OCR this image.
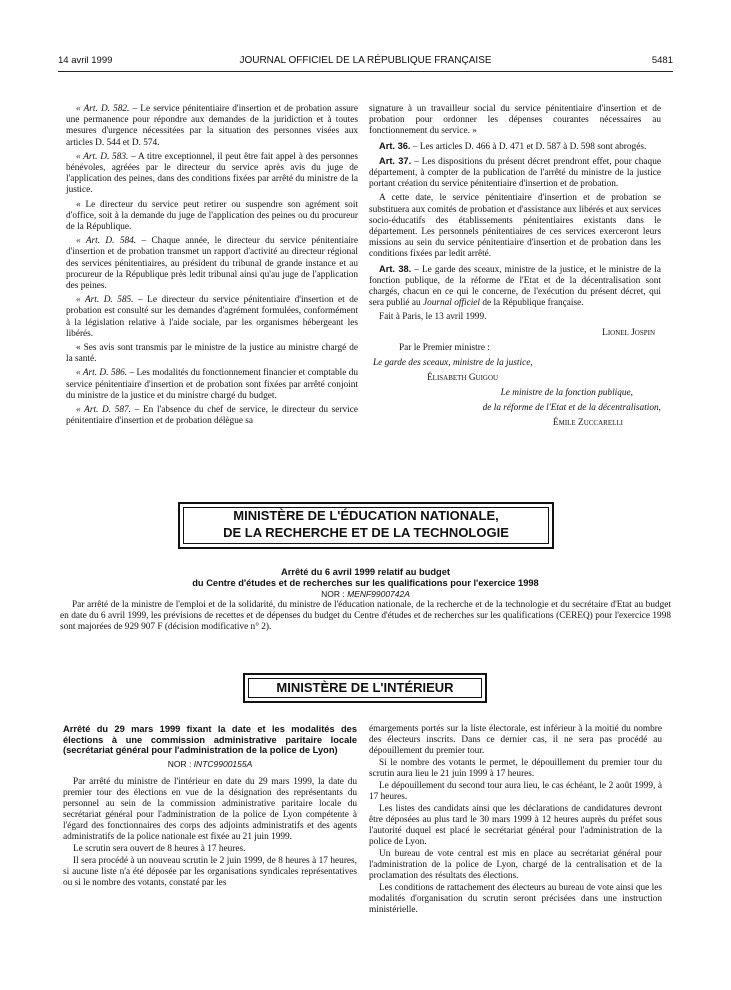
14 avril 1999	JOURNAL OFFICIEL DE LA RÉPUBLIQUE FRANÇAISE	5481

« Art. D. 582. – Le service pénitentiaire d'insertion et de probation assure une permanence pour répondre aux demandes de la juridiction et à toutes mesures d'urgence nécessitées par la situation des personnes visées aux articles D. 544 et D. 574.

« Art. D. 583. – A titre exceptionnel, il peut être fait appel à des personnes bénévoles, agréées par le directeur du service après avis du juge de l'application des peines, dans des conditions fixées par arrêté du ministre de la justice.

« Le directeur du service peut retirer ou suspendre son agrément soit d'office, soit à la demande du juge de l'application des peines ou du procureur de la République.

« Art. D. 584. – Chaque année, le directeur du service pénitentiaire d'insertion et de probation transmet un rapport d'activité au directeur régional des services pénitentiaires, au président du tribunal de grande instance et au procureur de la République près ledit tribunal ainsi qu'au juge de l'application des peines.

« Art. D. 585. – Le directeur du service pénitentiaire d'insertion et de probation est consulté sur les demandes d'agrément formulées, conformément à la législation relative à l'aide sociale, par les organismes hébergeant les libérés.

« Ses avis sont transmis par le ministre de la justice au ministre chargé de la santé.

« Art. D. 586. – Les modalités du fonctionnement financier et comptable du service pénitentiaire d'insertion et de probation sont fixées par arrêté conjoint du ministre de la justice et du ministre chargé du budget.

« Art. D. 587. – En l'absence du chef de service, le directeur du service pénitentiaire d'insertion et de probation délègue sa

signature à un travailleur social du service pénitentiaire d'insertion et de probation pour ordonner les dépenses courantes nécessaires au fonctionnement du service. »

Art. 36. – Les articles D. 466 à D. 471 et D. 587 à D. 598 sont abrogés.

Art. 37. – Les dispositions du présent décret prendront effet, pour chaque département, à compter de la publication de l'arrêté du ministre de la justice portant création du service pénitentiaire d'insertion et de probation.

A cette date, le service pénitentiaire d'insertion et de probation se substituera aux comités de probation et d'assistance aux libérés et aux services socio-éducatifs des établissements pénitentiaires existants dans le département. Les personnels pénitentiaires de ces services exerceront leurs missions au sein du service pénitentiaire d'insertion et de probation dans les conditions fixées par ledit arrêté.

Art. 38. – Le garde des sceaux, ministre de la justice, et le ministre de la fonction publique, de la réforme de l'Etat et de la décentralisation sont chargés, chacun en ce qui le concerne, de l'exécution du présent décret, qui sera publié au Journal officiel de la République française.

Fait à Paris, le 13 avril 1999.

Lionel Jospin

Par le Premier ministre :

Le garde des sceaux, ministre de la justice,

Élisabeth Guigou

Le ministre de la fonction publique,

de la réforme de l'Etat et de la décentralisation,

Émile Zuccarelli

MINISTÈRE DE L'ÉDUCATION NATIONALE,
DE LA RECHERCHE ET DE LA TECHNOLOGIE
Arrêté du 6 avril 1999 relatif au budget
du Centre d'études et de recherches sur les qualifications pour l'exercice 1998
NOR : MENF9900742A

Par arrêté de la ministre de l'emploi et de la solidarité, du ministre de l'éducation nationale, de la recherche et de la technologie et du secrétaire d'Etat au budget en date du 6 avril 1999, les prévisions de recettes et de dépenses du budget du Centre d'études et de recherches sur les qualifications (CEREQ) pour l'exercice 1998 sont majorées de 929 907 F (décision modificative n° 2).

MINISTÈRE DE L'INTÉRIEUR
Arrêté du 29 mars 1999 fixant la date et les modalités des élections à une commission administrative paritaire locale (secrétariat général pour l'administration de la police de Lyon)
NOR : INTC9900155A

Par arrêté du ministre de l'intérieur en date du 29 mars 1999, la date du premier tour des élections en vue de la désignation des représentants du personnel au sein de la commission administrative paritaire locale du secrétariat général pour l'administration de la police de Lyon compétente à l'égard des fonctionnaires des corps des adjoints administratifs et des agents administratifs de la police nationale est fixée au 21 juin 1999.

Le scrutin sera ouvert de 8 heures à 17 heures.

Il sera procédé à un nouveau scrutin le 2 juin 1999, de 8 heures à 17 heures, si aucune liste n'a été déposée par les organisations syndicales représentatives ou si le nombre des votants, constaté par les

émargements portés sur la liste électorale, est inférieur à la moitié du nombre des électeurs inscrits. Dans ce dernier cas, il ne sera pas procédé au dépouillement du premier tour.

Si le nombre des votants le permet, le dépouillement du premier tour du scrutin aura lieu le 21 juin 1999 à 17 heures.

Le dépouillement du second tour aura lieu, le cas échéant, le 2 août 1999, à 17 heures.

Les listes des candidats ainsi que les déclarations de candidatures devront être déposées au plus tard le 30 mars 1999 à 12 heures auprès du préfet sous l'autorité duquel est placé le secrétariat général pour l'administration de la police de Lyon.

Un bureau de vote central est mis en place au secrétariat général pour l'administration de la police de Lyon, chargé de la centralisation et de la proclamation des résultats des élections.

Les conditions de rattachement des électeurs au bureau de vote ainsi que les modalités d'organisation du scrutin seront précisées dans une instruction ministérielle.
